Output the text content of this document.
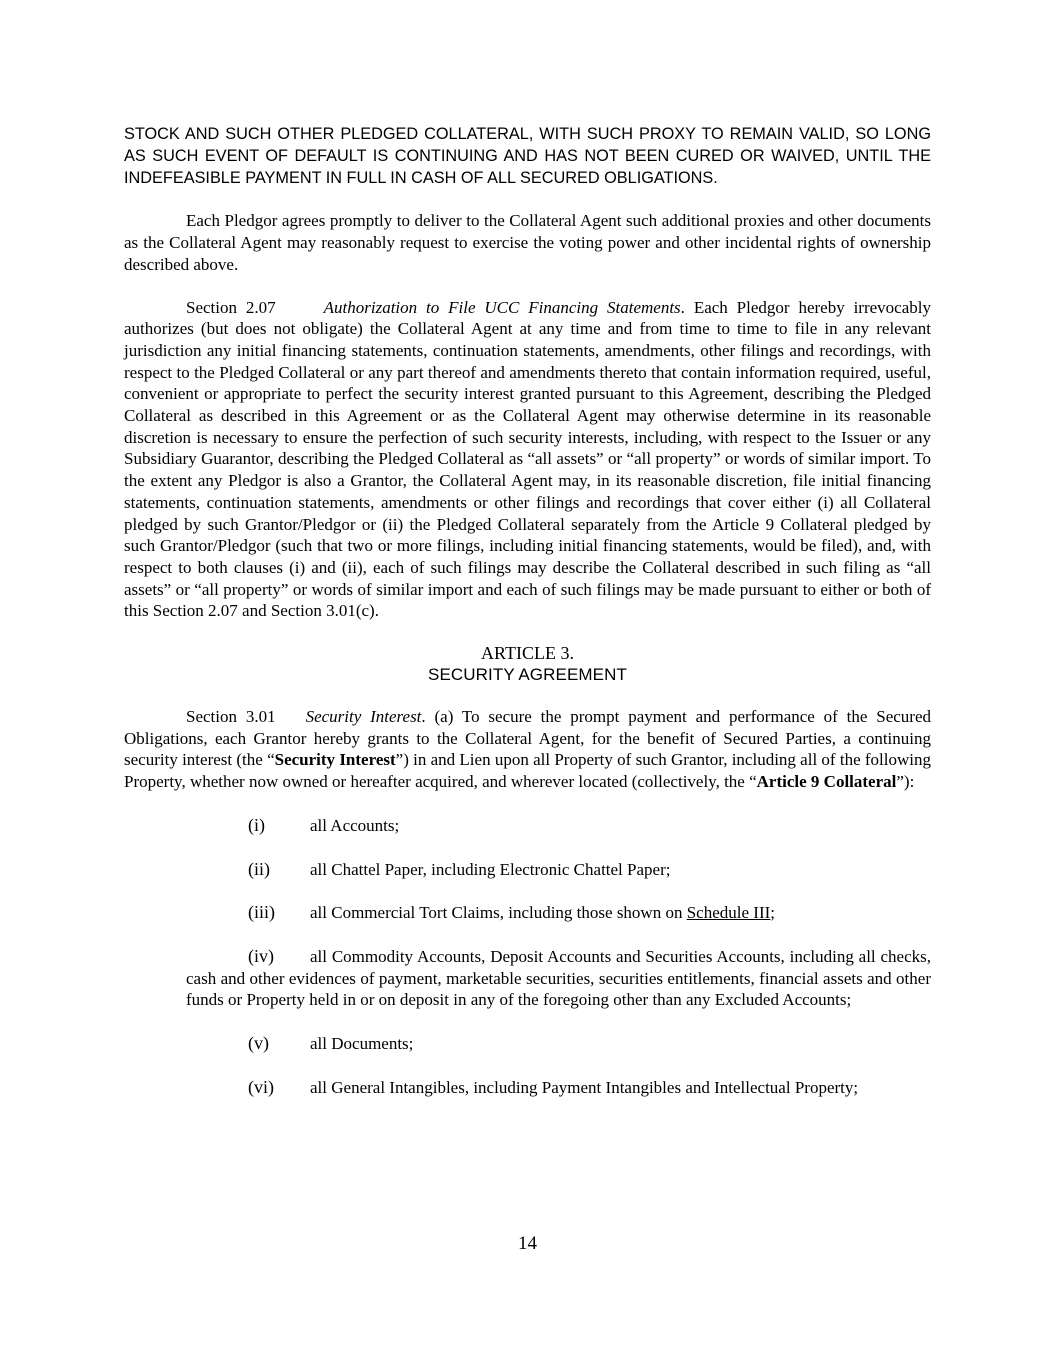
STOCK AND SUCH OTHER PLEDGED COLLATERAL, WITH SUCH PROXY TO REMAIN VALID, SO LONG AS SUCH EVENT OF DEFAULT IS CONTINUING AND HAS NOT BEEN CURED OR WAIVED, UNTIL THE INDEFEASIBLE PAYMENT IN FULL IN CASH OF ALL SECURED OBLIGATIONS.

Each Pledgor agrees promptly to deliver to the Collateral Agent such additional proxies and other documents as the Collateral Agent may reasonably request to exercise the voting power and other incidental rights of ownership described above.

Section 2.07	Authorization to File UCC Financing Statements. Each Pledgor hereby irrevocably authorizes (but does not obligate) the Collateral Agent at any time and from time to time to file in any relevant jurisdiction any initial financing statements, continuation statements, amendments, other filings and recordings, with respect to the Pledged Collateral or any part thereof and amendments thereto that contain information required, useful, convenient or appropriate to perfect the security interest granted pursuant to this Agreement, describing the Pledged Collateral as described in this Agreement or as the Collateral Agent may otherwise determine in its reasonable discretion is necessary to ensure the perfection of such security interests, including, with respect to the Issuer or any Subsidiary Guarantor, describing the Pledged Collateral as “all assets” or “all property” or words of similar import. To the extent any Pledgor is also a Grantor, the Collateral Agent may, in its reasonable discretion, file initial financing statements, continuation statements, amendments or other filings and recordings that cover either (i) all Collateral pledged by such Grantor/Pledgor or (ii) the Pledged Collateral separately from the Article 9 Collateral pledged by such Grantor/Pledgor (such that two or more filings, including initial financing statements, would be filed), and, with respect to both clauses (i) and (ii), each of such filings may describe the Collateral described in such filing as “all assets” or “all property” or words of similar import and each of such filings may be made pursuant to either or both of this Section 2.07 and Section 3.01(c).

ARTICLE 3.
SECURITY AGREEMENT

Section 3.01 Security Interest. (a) To secure the prompt payment and performance of the Secured Obligations, each Grantor hereby grants to the Collateral Agent, for the benefit of Secured Parties, a continuing security interest (the “Security Interest”) in and Lien upon all Property of such Grantor, including all of the following Property, whether now owned or hereafter acquired, and wherever located (collectively, the “Article 9 Collateral”):

(i)	all Accounts;
(ii) all Chattel Paper, including Electronic Chattel Paper;
(iii) all Commercial Tort Claims, including those shown on Schedule III;

(iv) all Commodity Accounts, Deposit Accounts and Securities Accounts, including all checks, cash and other evidences of payment, marketable securities, securities entitlements, financial assets and other funds or Property held in or on deposit in any of the foregoing other than any Excluded Accounts;

(v) all Documents;
(vi) all General Intangibles, including Payment Intangibles and Intellectual Property;
14
